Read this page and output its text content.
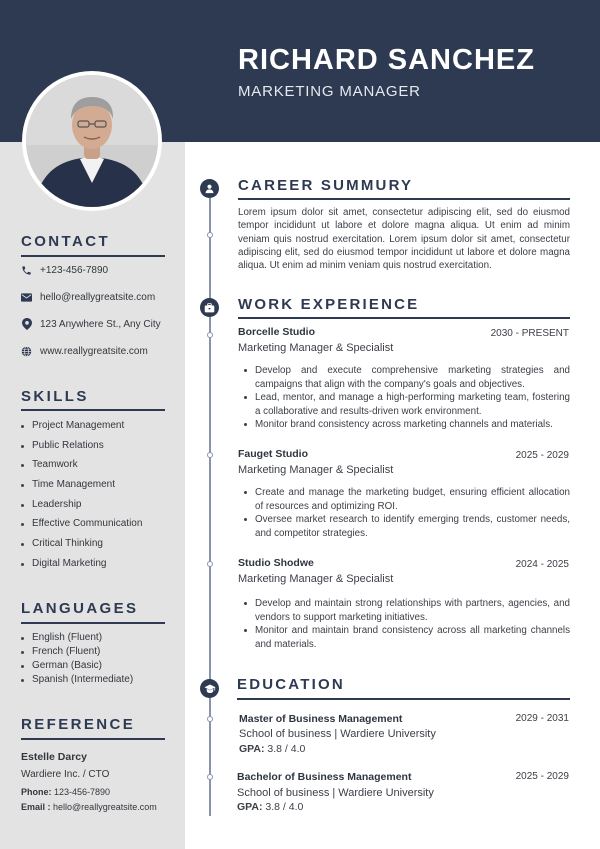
RICHARD SANCHEZ
MARKETING MANAGER
CONTACT
+123-456-7890
hello@reallygreatsite.com
123 Anywhere St., Any City
www.reallygreatsite.com
SKILLS
Project Management
Public Relations
Teamwork
Time Management
Leadership
Effective Communication
Critical Thinking
Digital Marketing
LANGUAGES
English (Fluent)
French (Fluent)
German (Basic)
Spanish (Intermediate)
REFERENCE
Estelle Darcy
Wardiere Inc. / CTO
Phone: 123-456-7890
Email : hello@reallygreatsite.com
CAREER SUMMURY
Lorem ipsum dolor sit amet, consectetur adipiscing elit, sed do eiusmod tempor incididunt ut labore et dolore magna aliqua. Ut enim ad minim veniam quis nostrud exercitation. Lorem ipsum dolor sit amet, consectetur adipiscing elit, sed do eiusmod tempor incididunt ut labore et dolore magna aliqua. Ut enim ad minim veniam quis nostrud exercitation.
WORK EXPERIENCE
Borcelle Studio	2030 - PRESENT
Marketing Manager & Specialist
Develop and execute comprehensive marketing strategies and campaigns that align with the company's goals and objectives.
Lead, mentor, and manage a high-performing marketing team, fostering a collaborative and results-driven work environment.
Monitor brand consistency across marketing channels and materials.
Fauget Studio	2025 - 2029
Marketing Manager & Specialist
Create and manage the marketing budget, ensuring efficient allocation of resources and optimizing ROI.
Oversee market research to identify emerging trends, customer needs, and competitor strategies.
Studio Shodwe	2024 - 2025
Marketing Manager & Specialist
Develop and maintain strong relationships with partners, agencies, and vendors to support marketing initiatives.
Monitor and maintain brand consistency across all marketing channels and materials.
EDUCATION
Master of Business Management	2029 - 2031
School of business | Wardiere University
GPA: 3.8 / 4.0
Bachelor of Business Management	2025 - 2029
School of business | Wardiere University
GPA: 3.8 / 4.0
